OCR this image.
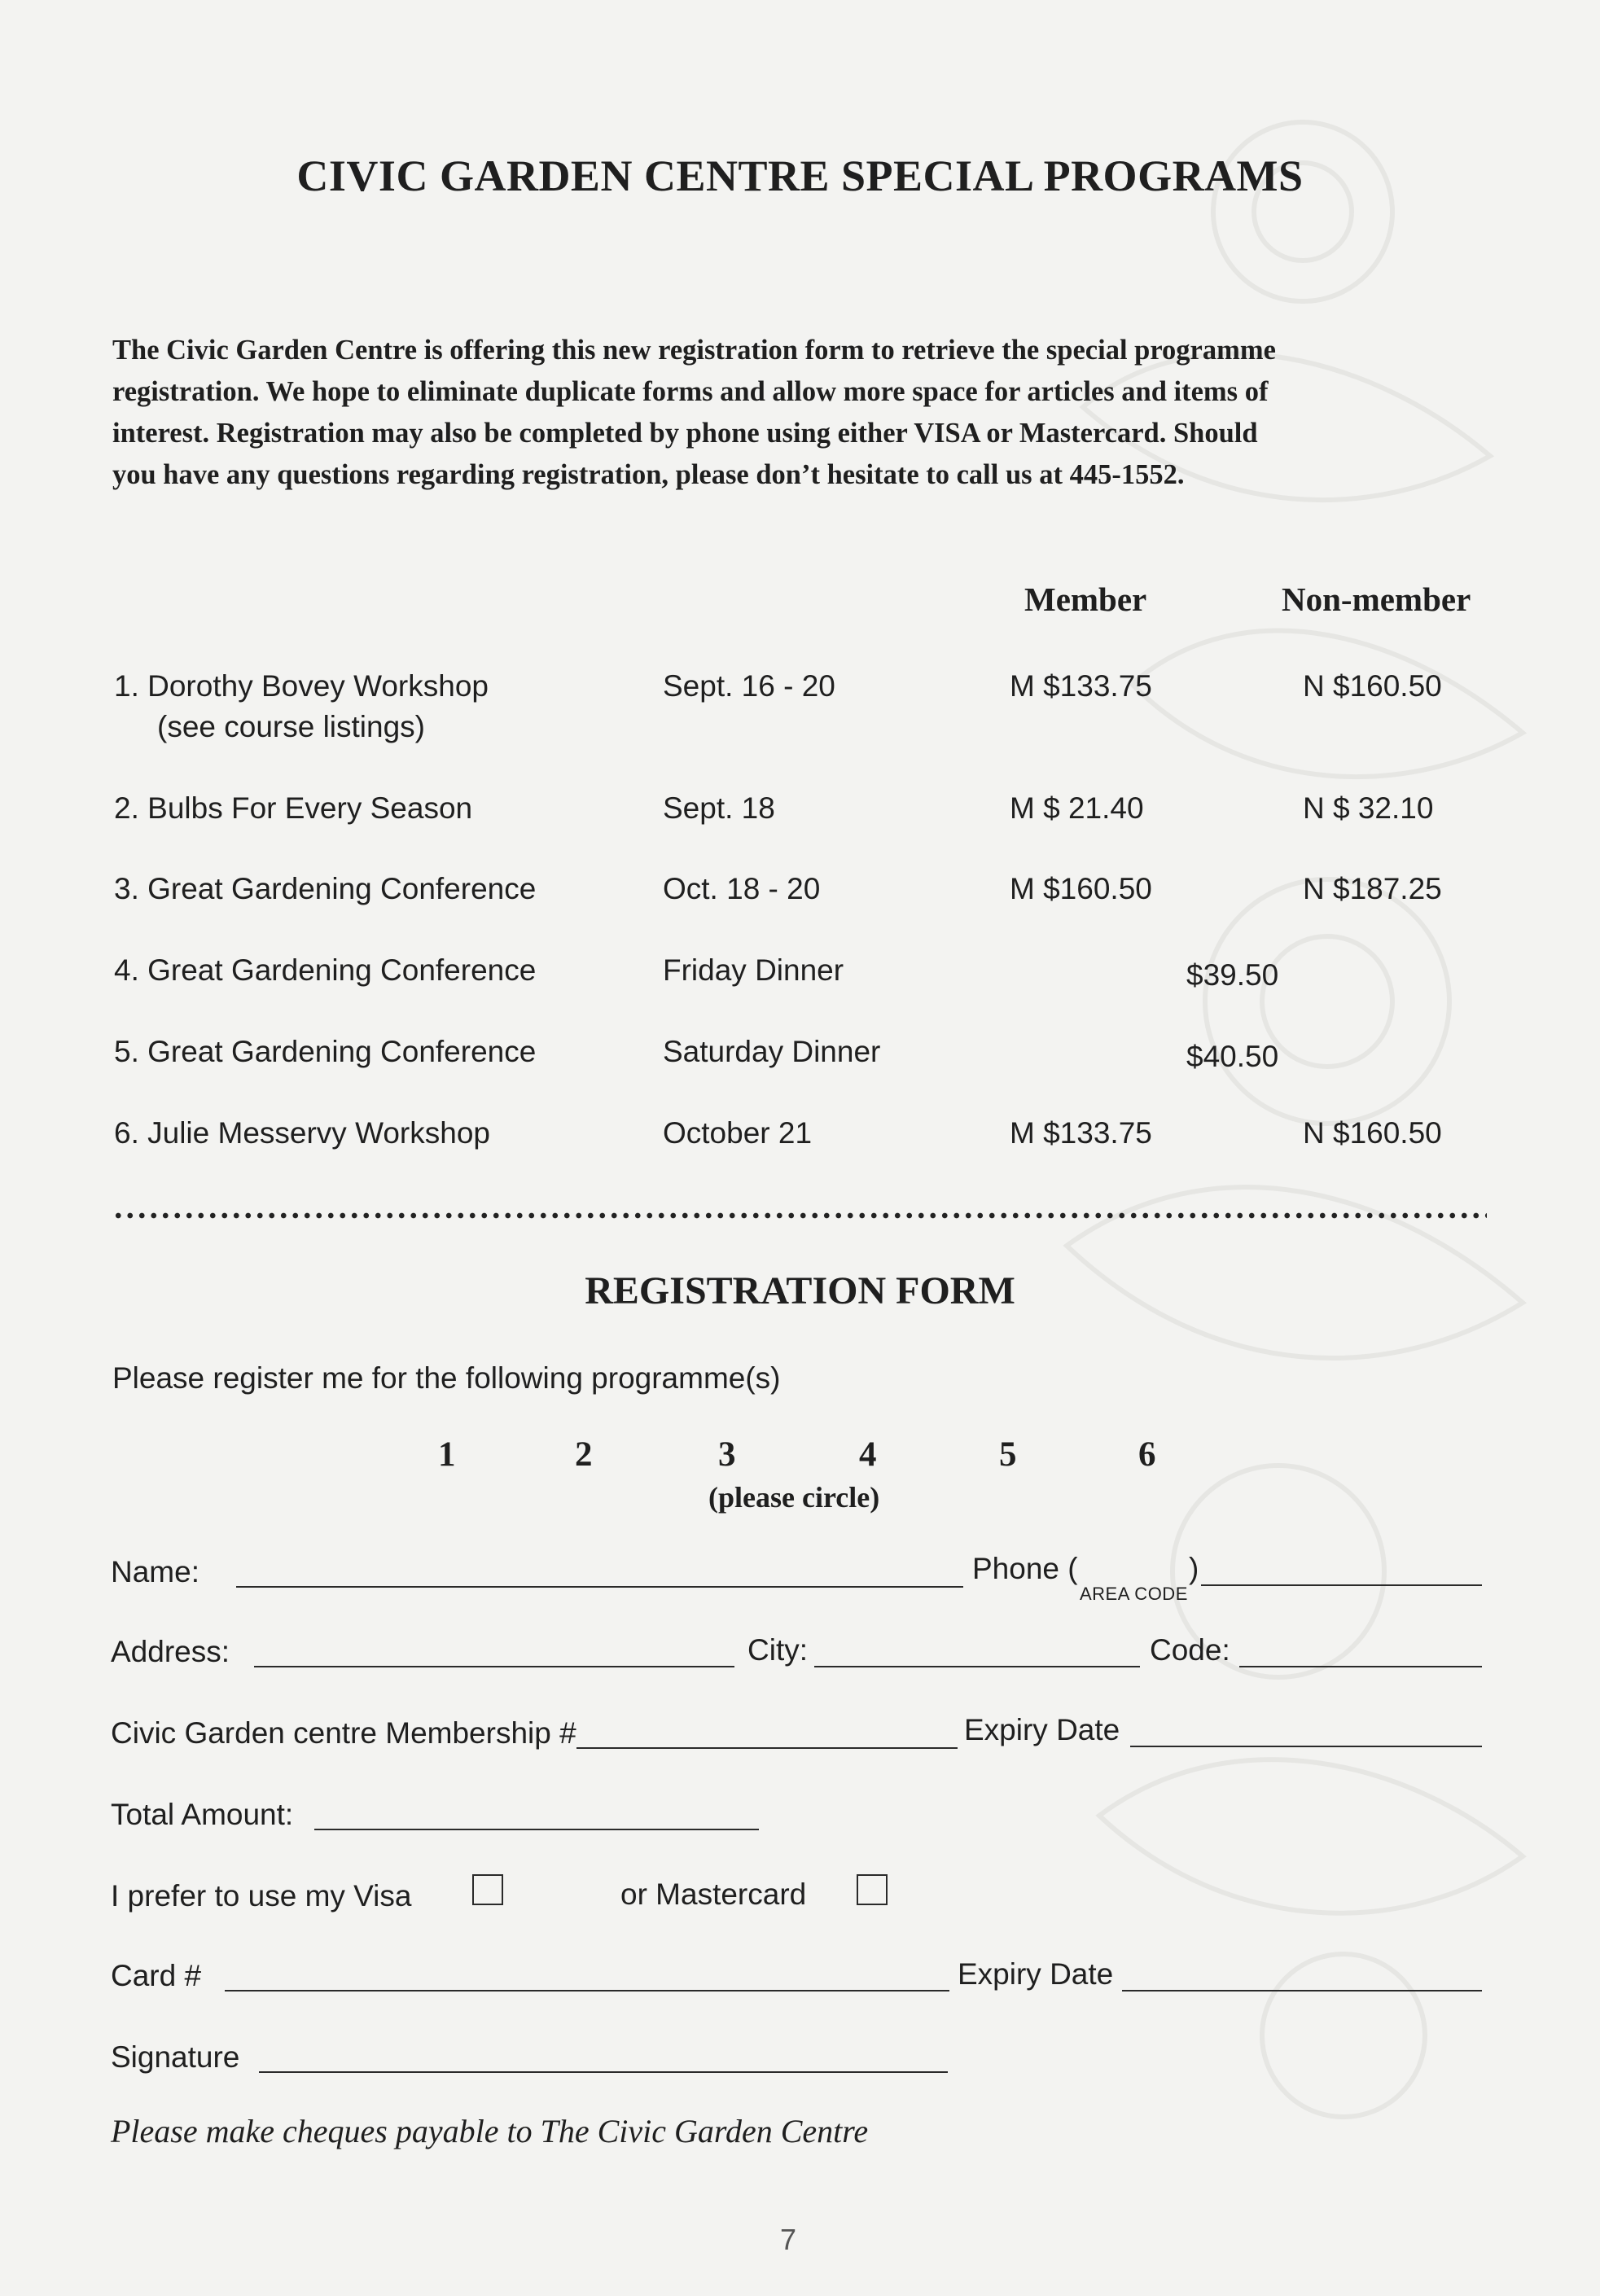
CIVIC GARDEN CENTRE SPECIAL PROGRAMS
The Civic Garden Centre is offering this new registration form to retrieve the special programme
registration. We hope to eliminate duplicate forms and allow more space for articles and items of
interest. Registration may also be completed by phone using either VISA or Mastercard. Should
you have any questions regarding registration, please don’t hesitate to call us at 445-1552.
Member	Non-member
1. Dorothy Bovey Workshop	Sept. 16 - 20	M $133.75	N $160.50
(see course listings)
2. Bulbs For Every Season	Sept. 18	M $ 21.40	N $ 32.10
3. Great Gardening Conference	Oct. 18 - 20	M $160.50	N $187.25
4. Great Gardening Conference	Friday Dinner	$39.50
5. Great Gardening Conference	Saturday Dinner	$40.50
6. Julie Messervy Workshop	October 21	M $133.75	N $160.50
REGISTRATION FORM
Please register me for the following programme(s)
1	2	3	4	5	6
(please circle)
Name:	Phone (	)
AREA CODE
Address:	City:	Code:
Civic Garden centre Membership #	Expiry Date
Total Amount:
I prefer to use my Visa	or Mastercard
Card #	Expiry Date
Signature
Please make cheques payable to The Civic Garden Centre
7
